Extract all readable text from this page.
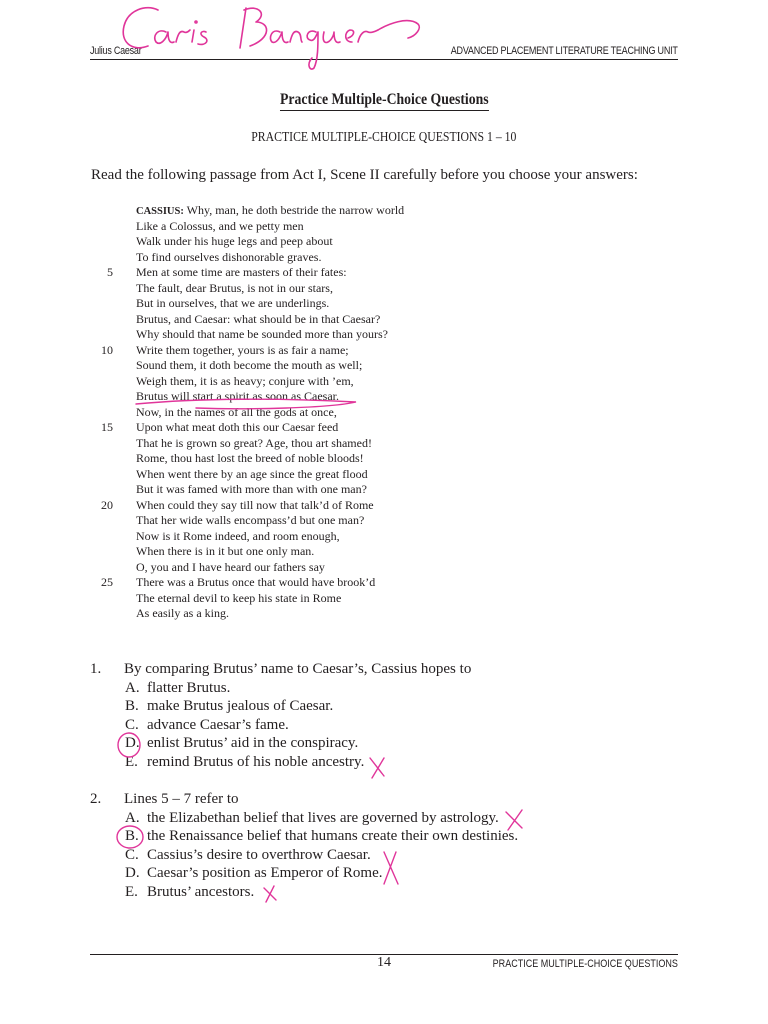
Julius Caesar	ADVANCED PLACEMENT LITERATURE TEACHING UNIT
Practice Multiple-Choice Questions
PRACTICE MULTIPLE-CHOICE QUESTIONS 1 – 10
Read the following passage from Act I, Scene II carefully before you choose your answers:
CASSIUS: Why, man, he doth bestride the narrow world
Like a Colossus, and we petty men
Walk under his huge legs and peep about
To find ourselves dishonorable graves.
5 Men at some time are masters of their fates:
The fault, dear Brutus, is not in our stars,
But in ourselves, that we are underlings.
Brutus, and Caesar: what should be in that Caesar?
Why should that name be sounded more than yours?
10 Write them together, yours is as fair a name;
Sound them, it doth become the mouth as well;
Weigh them, it is as heavy; conjure with ’em,
Brutus will start a spirit as soon as Caesar.
Now, in the names of all the gods at once,
15 Upon what meat doth this our Caesar feed
That he is grown so great? Age, thou art shamed!
Rome, thou hast lost the breed of noble bloods!
When went there by an age since the great flood
But it was famed with more than with one man?
20 When could they say till now that talk’d of Rome
That her wide walls encompass’d but one man?
Now is it Rome indeed, and room enough,
When there is in it but one only man.
O, you and I have heard our fathers say
25 There was a Brutus once that would have brook’d
The eternal devil to keep his state in Rome
As easily as a king.
1. By comparing Brutus’ name to Caesar’s, Cassius hopes to
A. flatter Brutus.
B. make Brutus jealous of Caesar.
C. advance Caesar’s fame.
D. enlist Brutus’ aid in the conspiracy.
E. remind Brutus of his noble ancestry.
2. Lines 5 – 7 refer to
A. the Elizabethan belief that lives are governed by astrology.
B. the Renaissance belief that humans create their own destinies.
C. Cassius’s desire to overthrow Caesar.
D. Caesar’s position as Emperor of Rome.
E. Brutus’ ancestors.
14	PRACTICE MULTIPLE-CHOICE QUESTIONS
